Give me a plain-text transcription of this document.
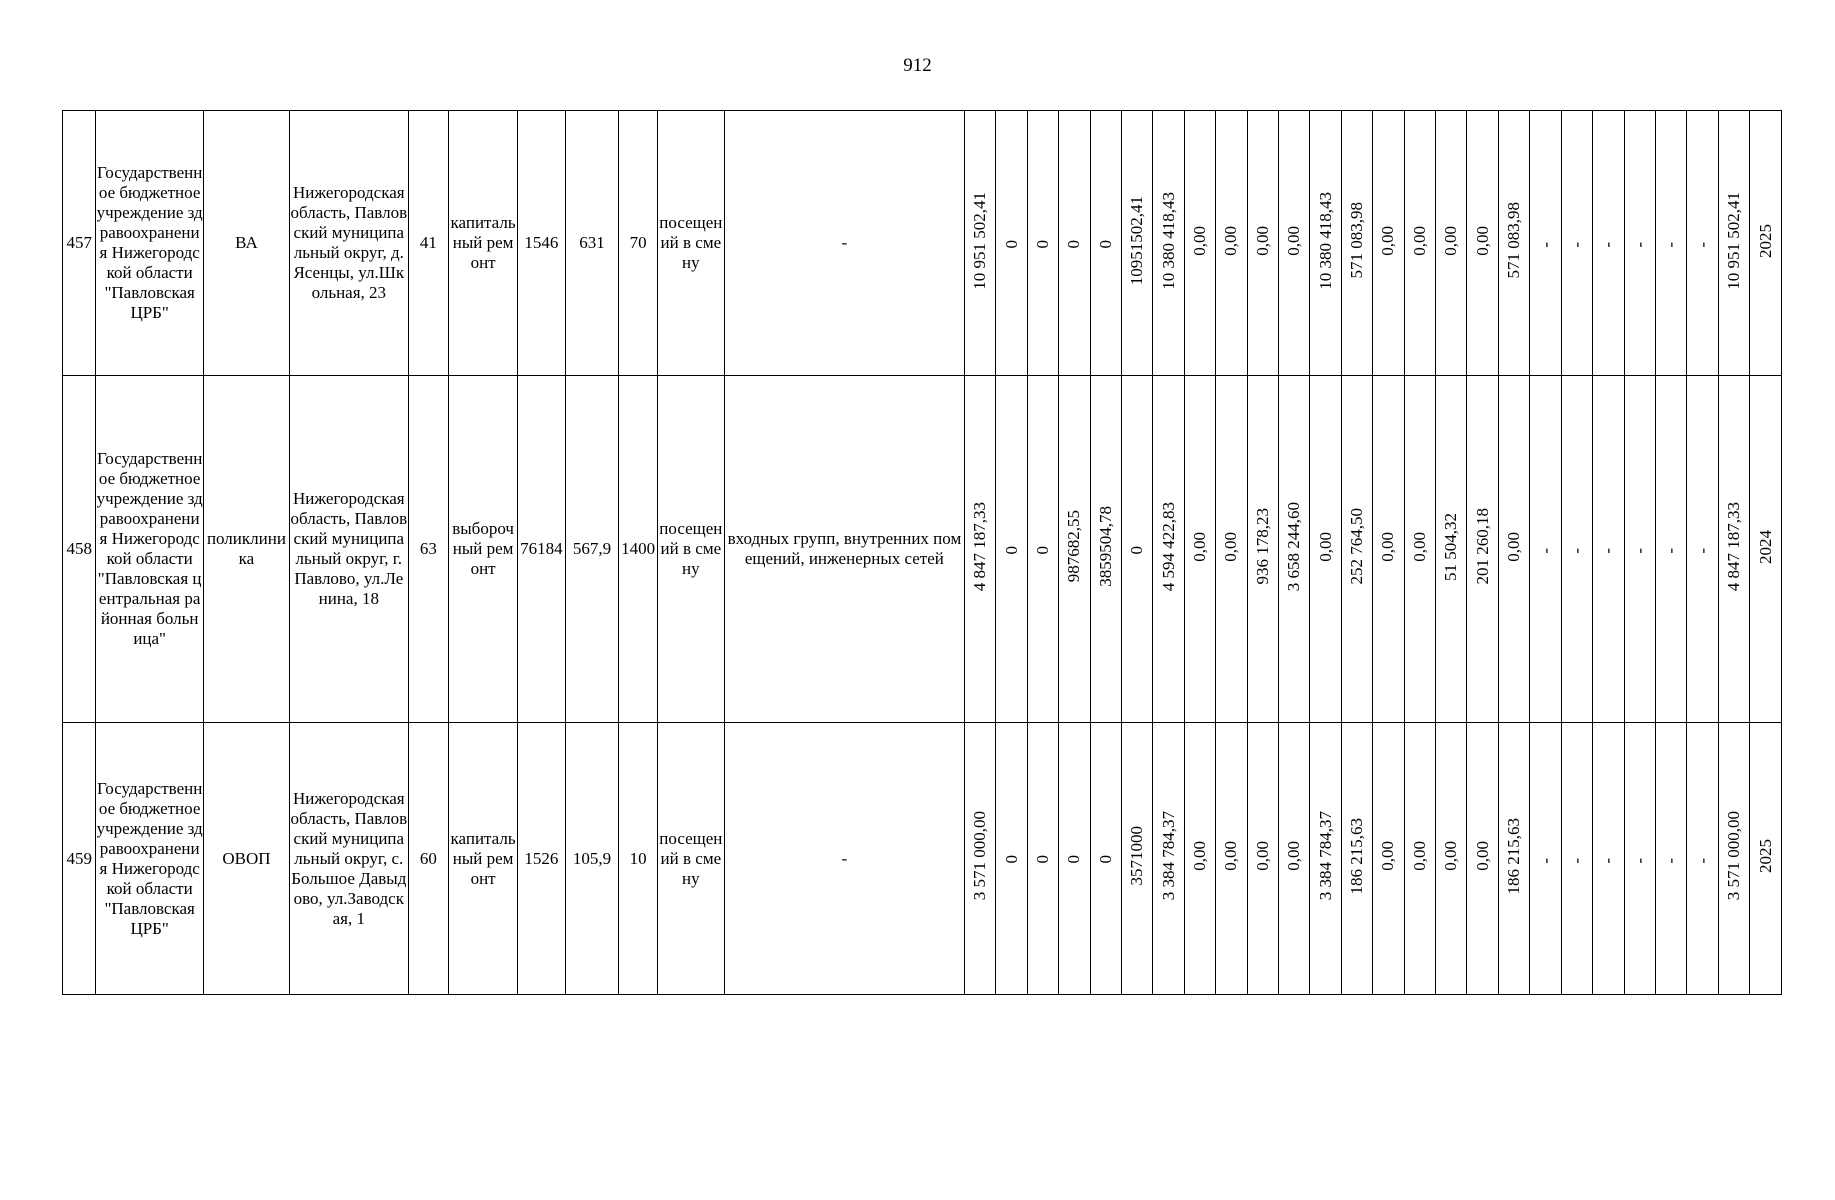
912
457	Государственное бюджетное учреждение здравоохранения Нижегородской области "Павловская ЦРБ"	ВА	Нижегородская область, Павловский муниципальный округ, д. Ясенцы, ул.Школьная, 23	41	капитальный ремонт	1546	631	70	посещений в смену	-	10 951 502,41	0	0	0	0	10951502,41	10 380 418,43	0,00	0,00	0,00	0,00	10 380 418,43	571 083,98	0,00	0,00	0,00	0,00	571 083,98	-	-	-	-	-	-	10 951 502,41	2025
458	Государственное бюджетное учреждение здравоохранения Нижегородской области "Павловская центральная районная больница"	поликлиника	Нижегородская область, Павловский муниципальный округ, г. Павлово, ул.Ленина, 18	63	выборочный ремонт	76184	567,9	1400	посещений в смену	входных групп, внутренних помещений, инженерных сетей	4 847 187,33	0	0	987682,55	3859504,78	0	4 594 422,83	0,00	0,00	936 178,23	3 658 244,60	0,00	252 764,50	0,00	0,00	51 504,32	201 260,18	0,00	-	-	-	-	-	-	4 847 187,33	2024
459	Государственное бюджетное учреждение здравоохранения Нижегородской области "Павловская ЦРБ"	ОВОП	Нижегородская область, Павловский муниципальный округ, с. Большое Давыдово, ул.Заводская, 1	60	капитальный ремонт	1526	105,9	10	посещений в смену	-	3 571 000,00	0	0	0	0	3571000	3 384 784,37	0,00	0,00	0,00	0,00	3 384 784,37	186 215,63	0,00	0,00	0,00	0,00	186 215,63	-	-	-	-	-	-	3 571 000,00	2025
